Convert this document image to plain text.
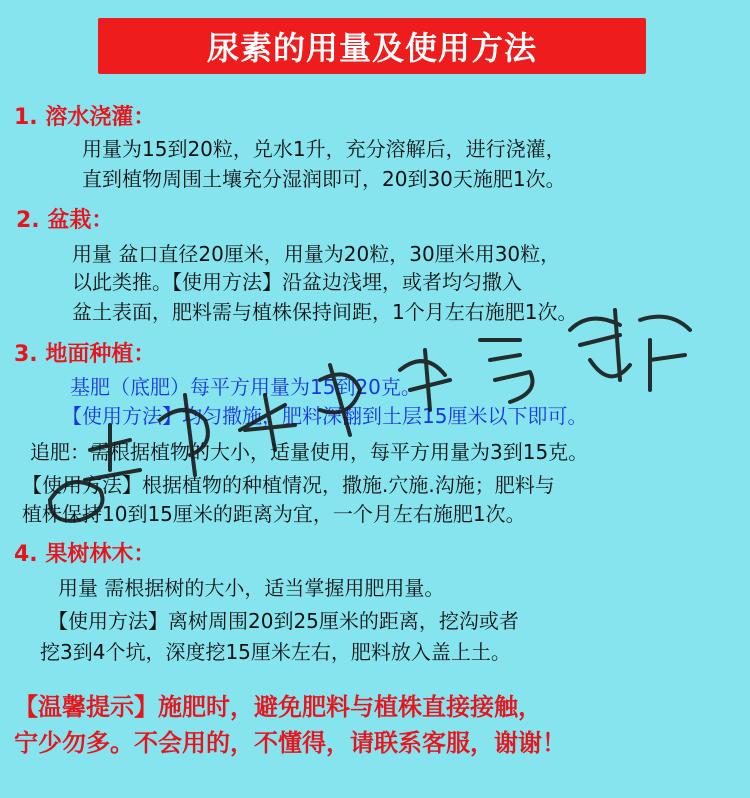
尿素的用量及使用方法
1. 溶水浇灌：
用量为15到20粒，兑水1升，充分溶解后，进行浇灌，
直到植物周围土壤充分湿润即可，20到30天施肥1次。
2. 盆栽：
用量 盆口直径20厘米，用量为20粒，30厘米用30粒，
以此类推。【使用方法】沿盆边浅埋，或者均匀撒入
盆土表面，肥料需与植株保持间距，1个月左右施肥1次。
3. 地面种植：
基肥（底肥）每平方用量为15到20克。
【使用方法】均匀撒施，肥料深翻到土层15厘米以下即可。
追肥：需根据植物的大小，适量使用，每平方用量为3到15克。
【使用方法】根据植物的种植情况，撒施.穴施.沟施；肥料与
植株保持10到15厘米的距离为宜，一个月左右施肥1次。
4. 果树林木：
用量 需根据树的大小，适当掌握用肥用量。
【使用方法】离树周围20到25厘米的距离，挖沟或者
挖3到4个坑，深度挖15厘米左右，肥料放入盖上土。
【温馨提示】施肥时，避免肥料与植株直接接触，
宁少勿多。不会用的，不懂得，请联系客服，谢谢！
